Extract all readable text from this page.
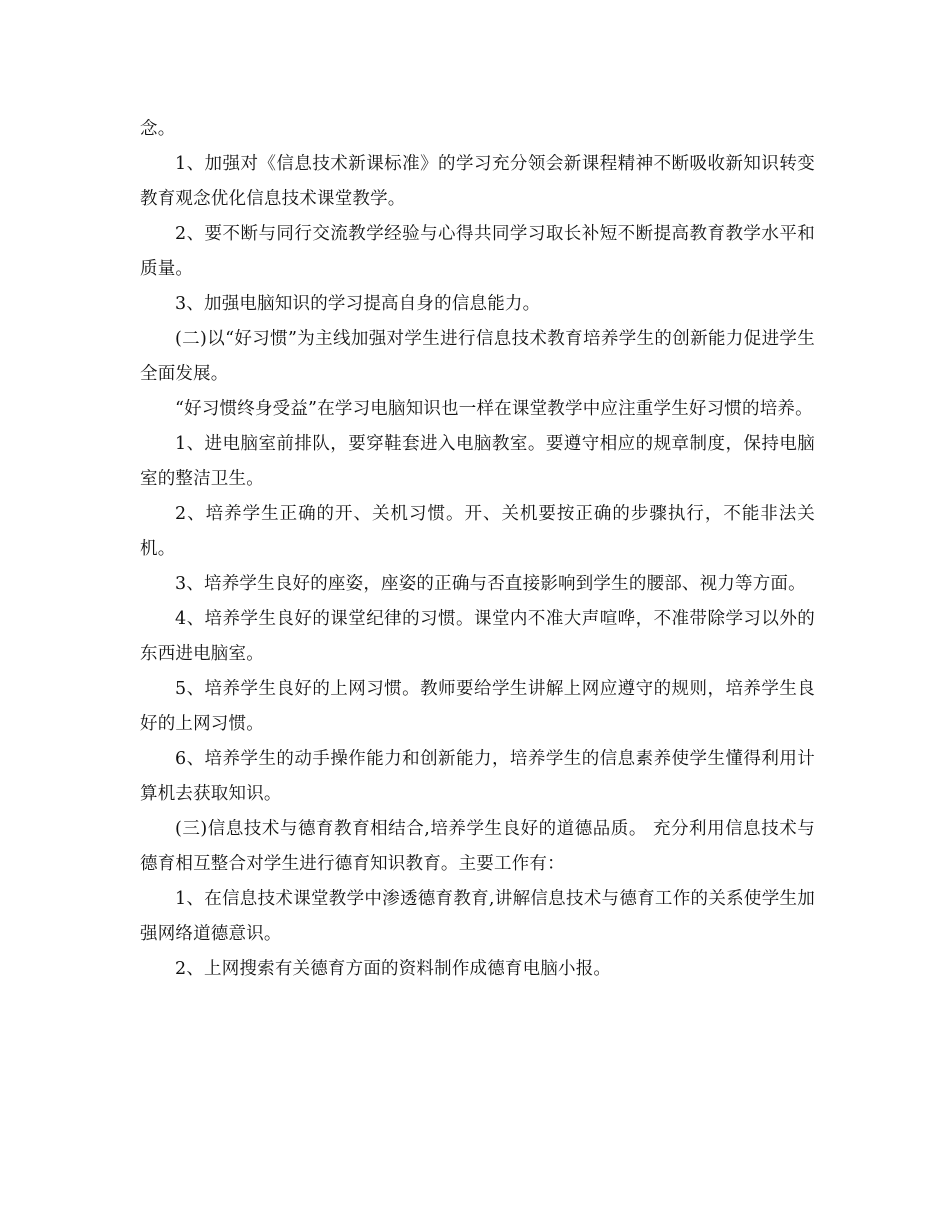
念。

1、加强对《信息技术新课标准》的学习充分领会新课程精神不断吸收新知识转变教育观念优化信息技术课堂教学。

2、要不断与同行交流教学经验与心得共同学习取长补短不断提高教育教学水平和质量。

3、加强电脑知识的学习提高自身的信息能力。

(二)以“好习惯”为主线加强对学生进行信息技术教育培养学生的创新能力促进学生全面发展。

“好习惯终身受益”在学习电脑知识也一样在课堂教学中应注重学生好习惯的培养。

1、进电脑室前排队，要穿鞋套进入电脑教室。要遵守相应的规章制度，保持电脑室的整洁卫生。

2、培养学生正确的开、关机习惯。开、关机要按正确的步骤执行，不能非法关机。

3、培养学生良好的座姿，座姿的正确与否直接影响到学生的腰部、视力等方面。

4、培养学生良好的课堂纪律的习惯。课堂内不准大声喧哗，不准带除学习以外的东西进电脑室。

5、培养学生良好的上网习惯。教师要给学生讲解上网应遵守的规则，培养学生良好的上网习惯。

6、培养学生的动手操作能力和创新能力，培养学生的信息素养使学生懂得利用计算机去获取知识。

(三)信息技术与德育教育相结合,培养学生良好的道德品质。 充分利用信息技术与德育相互整合对学生进行德育知识教育。主要工作有：

1、在信息技术课堂教学中渗透德育教育,讲解信息技术与德育工作的关系使学生加强网络道德意识。

2、上网搜索有关德育方面的资料制作成德育电脑小报。
